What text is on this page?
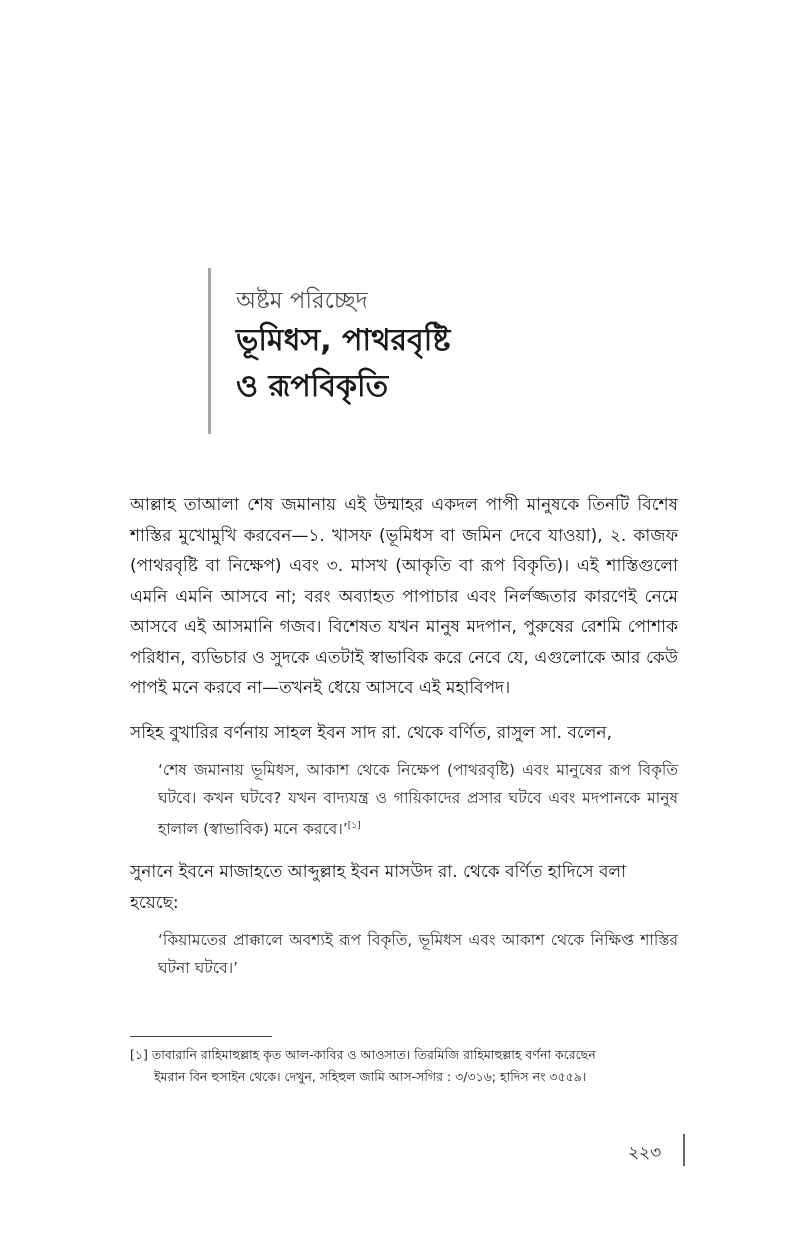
অষ্টম পরিচ্ছেদ

ভূমিধস, পাথরবৃষ্টি

ও রূপবিকৃতি

আল্লাহ তাআলা শেষ জমানায় এই উম্মাহর একদল পাপী মানুষকে তিনটি বিশেষ শাস্তির মুখোমুখি করবেন—১. খাসফ (ভূমিধস বা জমিন দেবে যাওয়া), ২. কাজফ (পাথরবৃষ্টি বা নিক্ষেপ) এবং ৩. মাসখ (আকৃতি বা রূপ বিকৃতি)। এই শাস্তিগুলো এমনি এমনি আসবে না; বরং অব্যাহত পাপাচার এবং নির্লজ্জতার কারণেই নেমে আসবে এই আসমানি গজব। বিশেষত যখন মানুষ মদপান, পুরুষের রেশমি পোশাক পরিধান, ব্যভিচার ও সুদকে এতটাই স্বাভাবিক করে নেবে যে, এগুলোকে আর কেউ পাপই মনে করবে না—তখনই ধেয়ে আসবে এই মহাবিপদ।

সহিহ বুখারির বর্ণনায় সাহল ইবন সাদ রা. থেকে বর্ণিত, রাসুল সা. বলেন,

‘শেষ জমানায় ভূমিধস, আকাশ থেকে নিক্ষেপ (পাথরবৃষ্টি) এবং মানুষের রূপ বিকৃতি ঘটবে। কখন ঘটবে? যখন বাদ্যযন্ত্র ও গায়িকাদের প্রসার ঘটবে এবং মদপানকে মানুষ হালাল (স্বাভাবিক) মনে করবে।’[১]

সুনানে ইবনে মাজাহতে আব্দুল্লাহ ইবন মাসউদ রা. থেকে বর্ণিত হাদিসে বলা হয়েছে:

‘কিয়ামতের প্রাক্কালে অবশ্যই রূপ বিকৃতি, ভূমিধস এবং আকাশ থেকে নিক্ষিপ্ত শাস্তির ঘটনা ঘটবে।’

[১] তাবারানি রাহিমাহুল্লাহ কৃত আল-কাবির ও আওসাত। তিরমিজি রাহিমাহুল্লাহ বর্ণনা করেছেন
ইমরান বিন হুসাইন থেকে। দেখুন, সহিহুল জামি আস-সগির : ৩/৩১৬; হাদিস নং ৩৫৫৯।
২২৩
